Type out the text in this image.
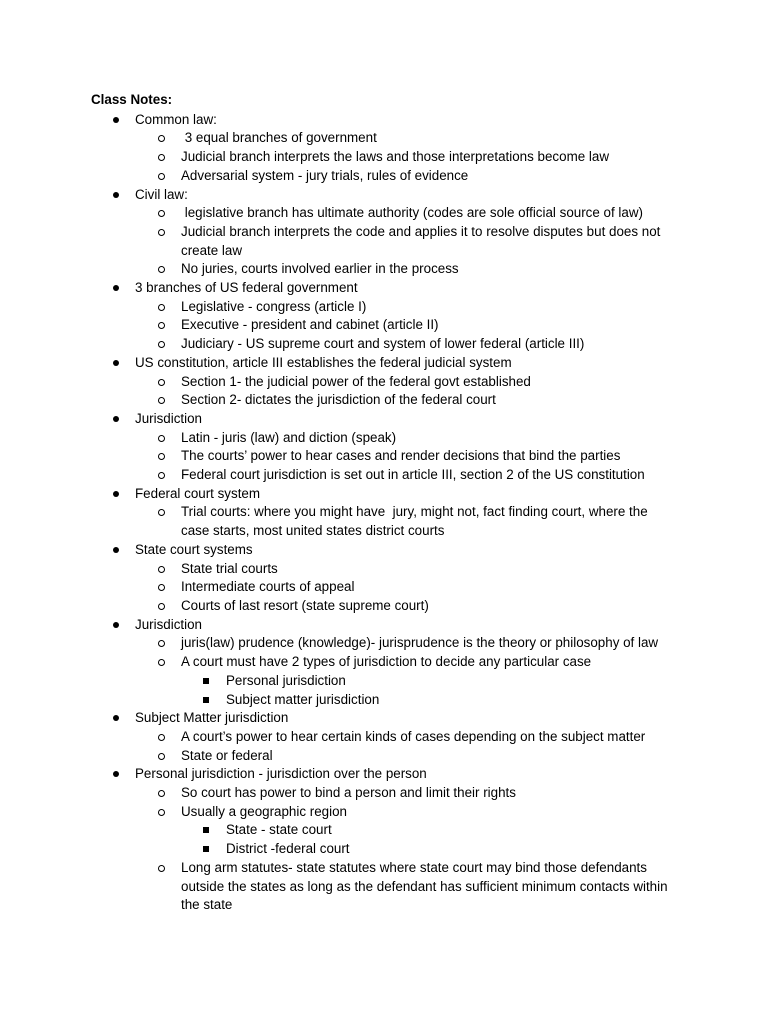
Class Notes:
Common law:
3 equal branches of government
Judicial branch interprets the laws and those interpretations become law
Adversarial system - jury trials, rules of evidence
Civil law:
legislative branch has ultimate authority (codes are sole official source of law)
Judicial branch interprets the code and applies it to resolve disputes but does not create law
No juries, courts involved earlier in the process
3 branches of US federal government
Legislative - congress (article I)
Executive - president and cabinet (article II)
Judiciary - US supreme court and system of lower federal (article III)
US constitution, article III establishes the federal judicial system
Section 1- the judicial power of the federal govt established
Section 2- dictates the jurisdiction of the federal court
Jurisdiction
Latin - juris (law) and diction (speak)
The courts’ power to hear cases and render decisions that bind the parties
Federal court jurisdiction is set out in article III, section 2 of the US constitution
Federal court system
Trial courts: where you might have  jury, might not, fact finding court, where the case starts, most united states district courts
State court systems
State trial courts
Intermediate courts of appeal
Courts of last resort (state supreme court)
Jurisdiction
juris(law) prudence (knowledge)- jurisprudence is the theory or philosophy of law
A court must have 2 types of jurisdiction to decide any particular case
Personal jurisdiction
Subject matter jurisdiction
Subject Matter jurisdiction
A court’s power to hear certain kinds of cases depending on the subject matter
State or federal
Personal jurisdiction - jurisdiction over the person
So court has power to bind a person and limit their rights
Usually a geographic region
State - state court
District -federal court
Long arm statutes- state statutes where state court may bind those defendants outside the states as long as the defendant has sufficient minimum contacts within the state
